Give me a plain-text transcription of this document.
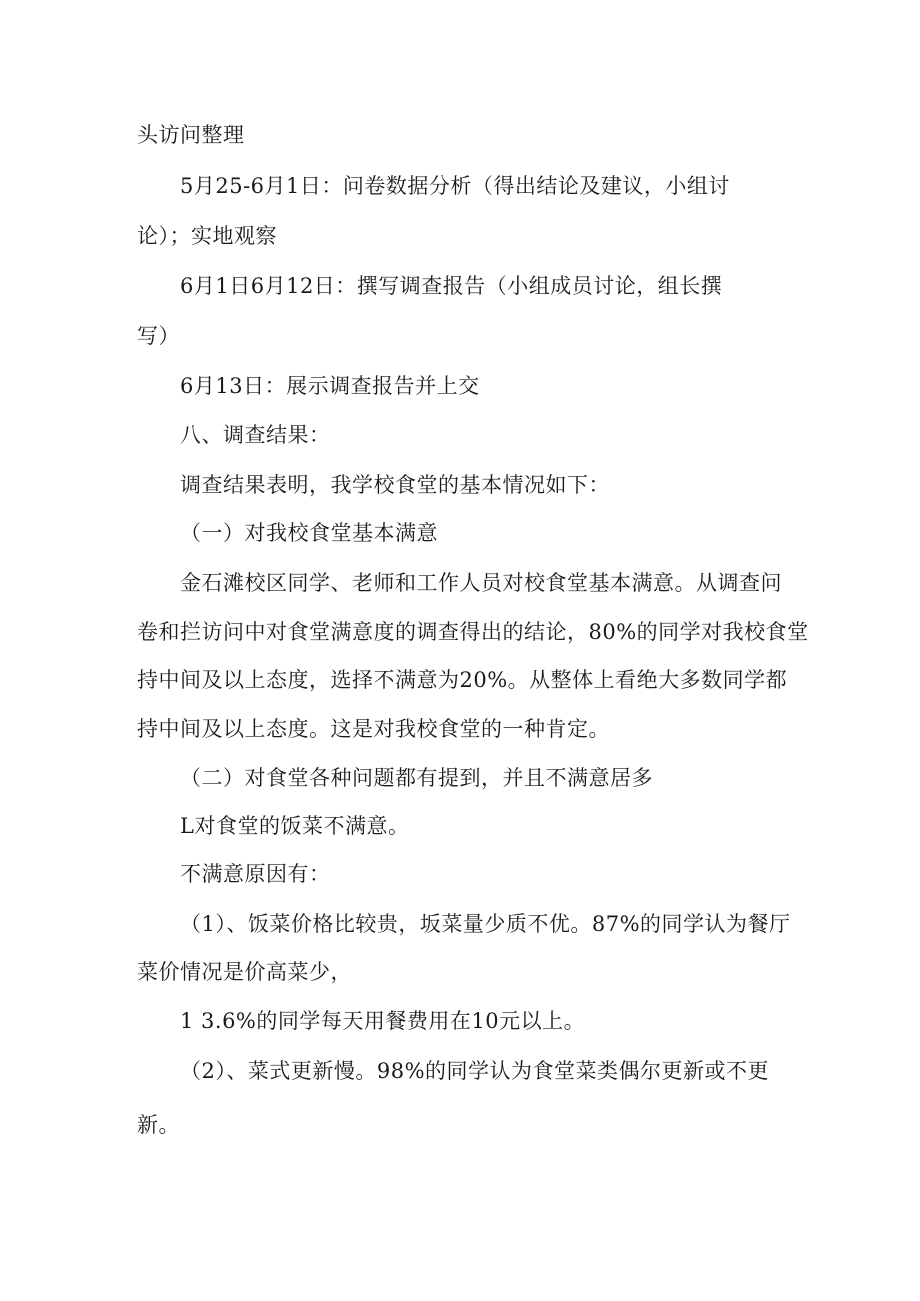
头访问整理
5月25-6月1日：问卷数据分析（得出结论及建议，小组讨
论）；实地观察
6月1日6月12日：撰写调查报告（小组成员讨论，组长撰
写）
6月13日：展示调查报告并上交
八、调查结果：
调查结果表明，我学校食堂的基本情况如下：
（一）对我校食堂基本满意
金石滩校区同学、老师和工作人员对校食堂基本满意。从调查问
卷和拦访问中对食堂满意度的调查得出的结论，80%的同学对我校食堂
持中间及以上态度，选择不满意为20%。从整体上看绝大多数同学都
持中间及以上态度。这是对我校食堂的一种肯定。
（二）对食堂各种问题都有提到，并且不满意居多
L对食堂的饭菜不满意。
不满意原因有：
（1）、饭菜价格比较贵，坂菜量少质不优。87%的同学认为餐厅
菜价情况是价高菜少，
1 3.6%的同学每天用餐费用在10元以上。
（2）、菜式更新慢。98%的同学认为食堂菜类偶尔更新或不更
新。
